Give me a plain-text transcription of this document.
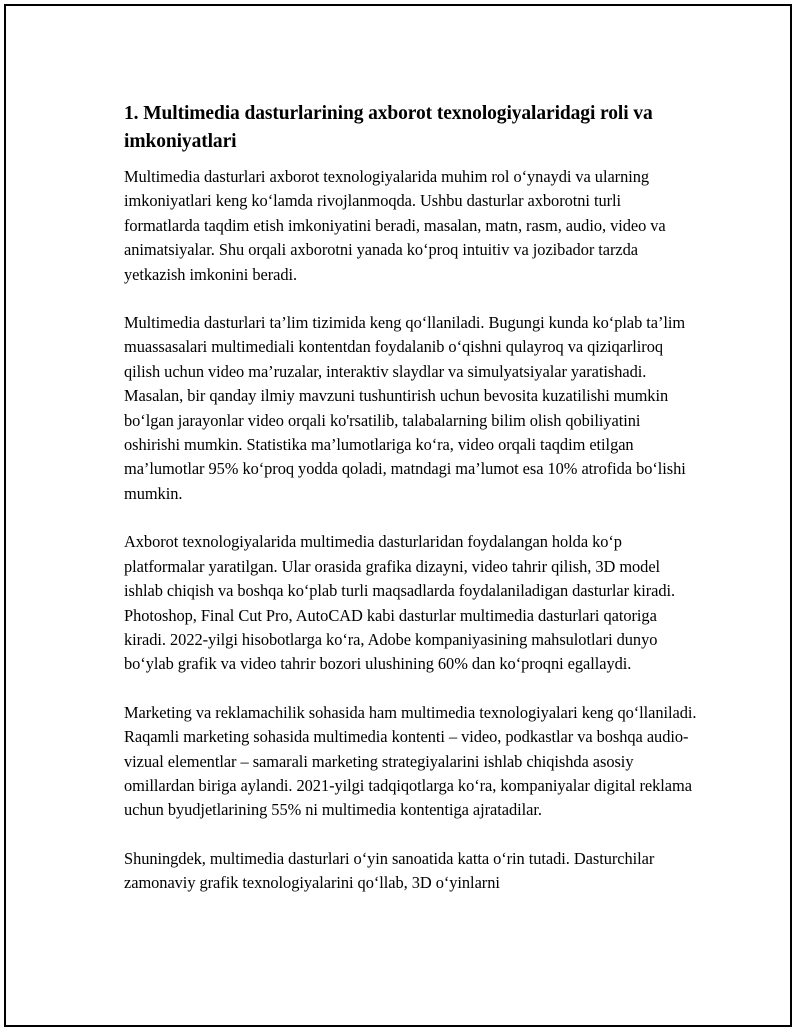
1. Multimedia dasturlarining axborot texnologiyalaridagi roli va imkoniyatlari

Multimedia dasturlari axborot texnologiyalarida muhim rol oʻynaydi va ularning imkoniyatlari keng koʻlamda rivojlanmoqda. Ushbu dasturlar axborotni turli formatlarda taqdim etish imkoniyatini beradi, masalan, matn, rasm, audio, video va animatsiyalar. Shu orqali axborotni yanada koʻproq intuitiv va jozibador tarzda yetkazish imkonini beradi.

Multimedia dasturlari ta’lim tizimida keng qoʻllaniladi. Bugungi kunda koʻplab ta’lim muassasalari multimediali kontentdan foydalanib oʻqishni qulayroq va qiziqarliroq qilish uchun video ma’ruzalar, interaktiv slaydlar va simulyatsiyalar yaratishadi. Masalan, bir qanday ilmiy mavzuni tushuntirish uchun bevosita kuzatilishi mumkin boʻlgan jarayonlar video orqali ko'rsatilib, talabalarning bilim olish qobiliyatini oshirishi mumkin. Statistika ma’lumotlariga koʻra, video orqali taqdim etilgan ma’lumotlar 95% koʻproq yodda qoladi, matndagi ma’lumot esa 10% atrofida boʻlishi mumkin.

Axborot texnologiyalarida multimedia dasturlaridan foydalangan holda koʻp platformalar yaratilgan. Ular orasida grafika dizayni, video tahrir qilish, 3D model ishlab chiqish va boshqa koʻplab turli maqsadlarda foydalaniladigan dasturlar kiradi. Photoshop, Final Cut Pro, AutoCAD kabi dasturlar multimedia dasturlari qatoriga kiradi. 2022-yilgi hisobotlarga koʻra, Adobe kompaniyasining mahsulotlari dunyo boʻylab grafik va video tahrir bozori ulushining 60% dan koʻproqni egallaydi.

Marketing va reklamachilik sohasida ham multimedia texnologiyalari keng qoʻllaniladi. Raqamli marketing sohasida multimedia kontenti – video, podkastlar va boshqa audio-vizual elementlar – samarali marketing strategiyalarini ishlab chiqishda asosiy omillardan biriga aylandi. 2021-yilgi tadqiqotlarga koʻra, kompaniyalar digital reklama uchun byudjetlarining 55% ni multimedia kontentiga ajratadilar.

Shuningdek, multimedia dasturlari oʻyin sanoatida katta oʻrin tutadi. Dasturchilar zamonaviy grafik texnologiyalarini qoʻllab, 3D oʻyinlarni
